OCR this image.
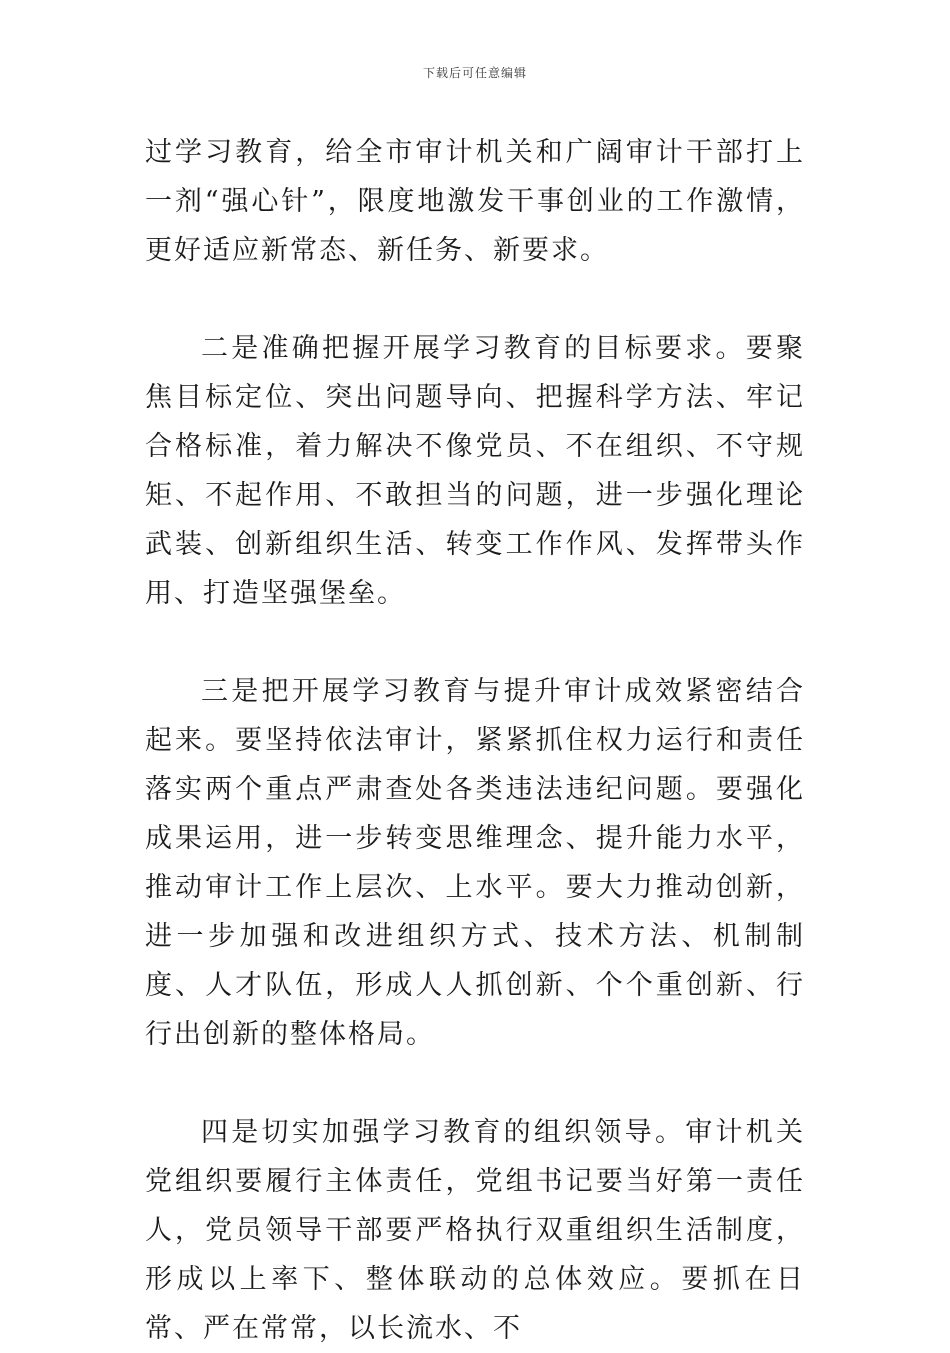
下载后可任意编辑

过学习教育，给全市审计机关和广阔审计干部打上一剂“强心针”，限度地激发干事创业的工作激情，更好适应新常态、新任务、新要求。

二是准确把握开展学习教育的目标要求。要聚焦目标定位、突出问题导向、把握科学方法、牢记合格标准，着力解决不像党员、不在组织、不守规矩、不起作用、不敢担当的问题，进一步强化理论武装、创新组织生活、转变工作作风、发挥带头作用、打造坚强堡垒。

三是把开展学习教育与提升审计成效紧密结合起来。要坚持依法审计，紧紧抓住权力运行和责任落实两个重点严肃查处各类违法违纪问题。要强化成果运用，进一步转变思维理念、提升能力水平，推动审计工作上层次、上水平。要大力推动创新，进一步加强和改进组织方式、技术方法、机制制度、人才队伍，形成人人抓创新、个个重创新、行行出创新的整体格局。

四是切实加强学习教育的组织领导。审计机关党组织要履行主体责任，党组书记要当好第一责任人，党员领导干部要严格执行双重组织生活制度，形成以上率下、整体联动的总体效应。要抓在日常、严在常常，以长流水、不
